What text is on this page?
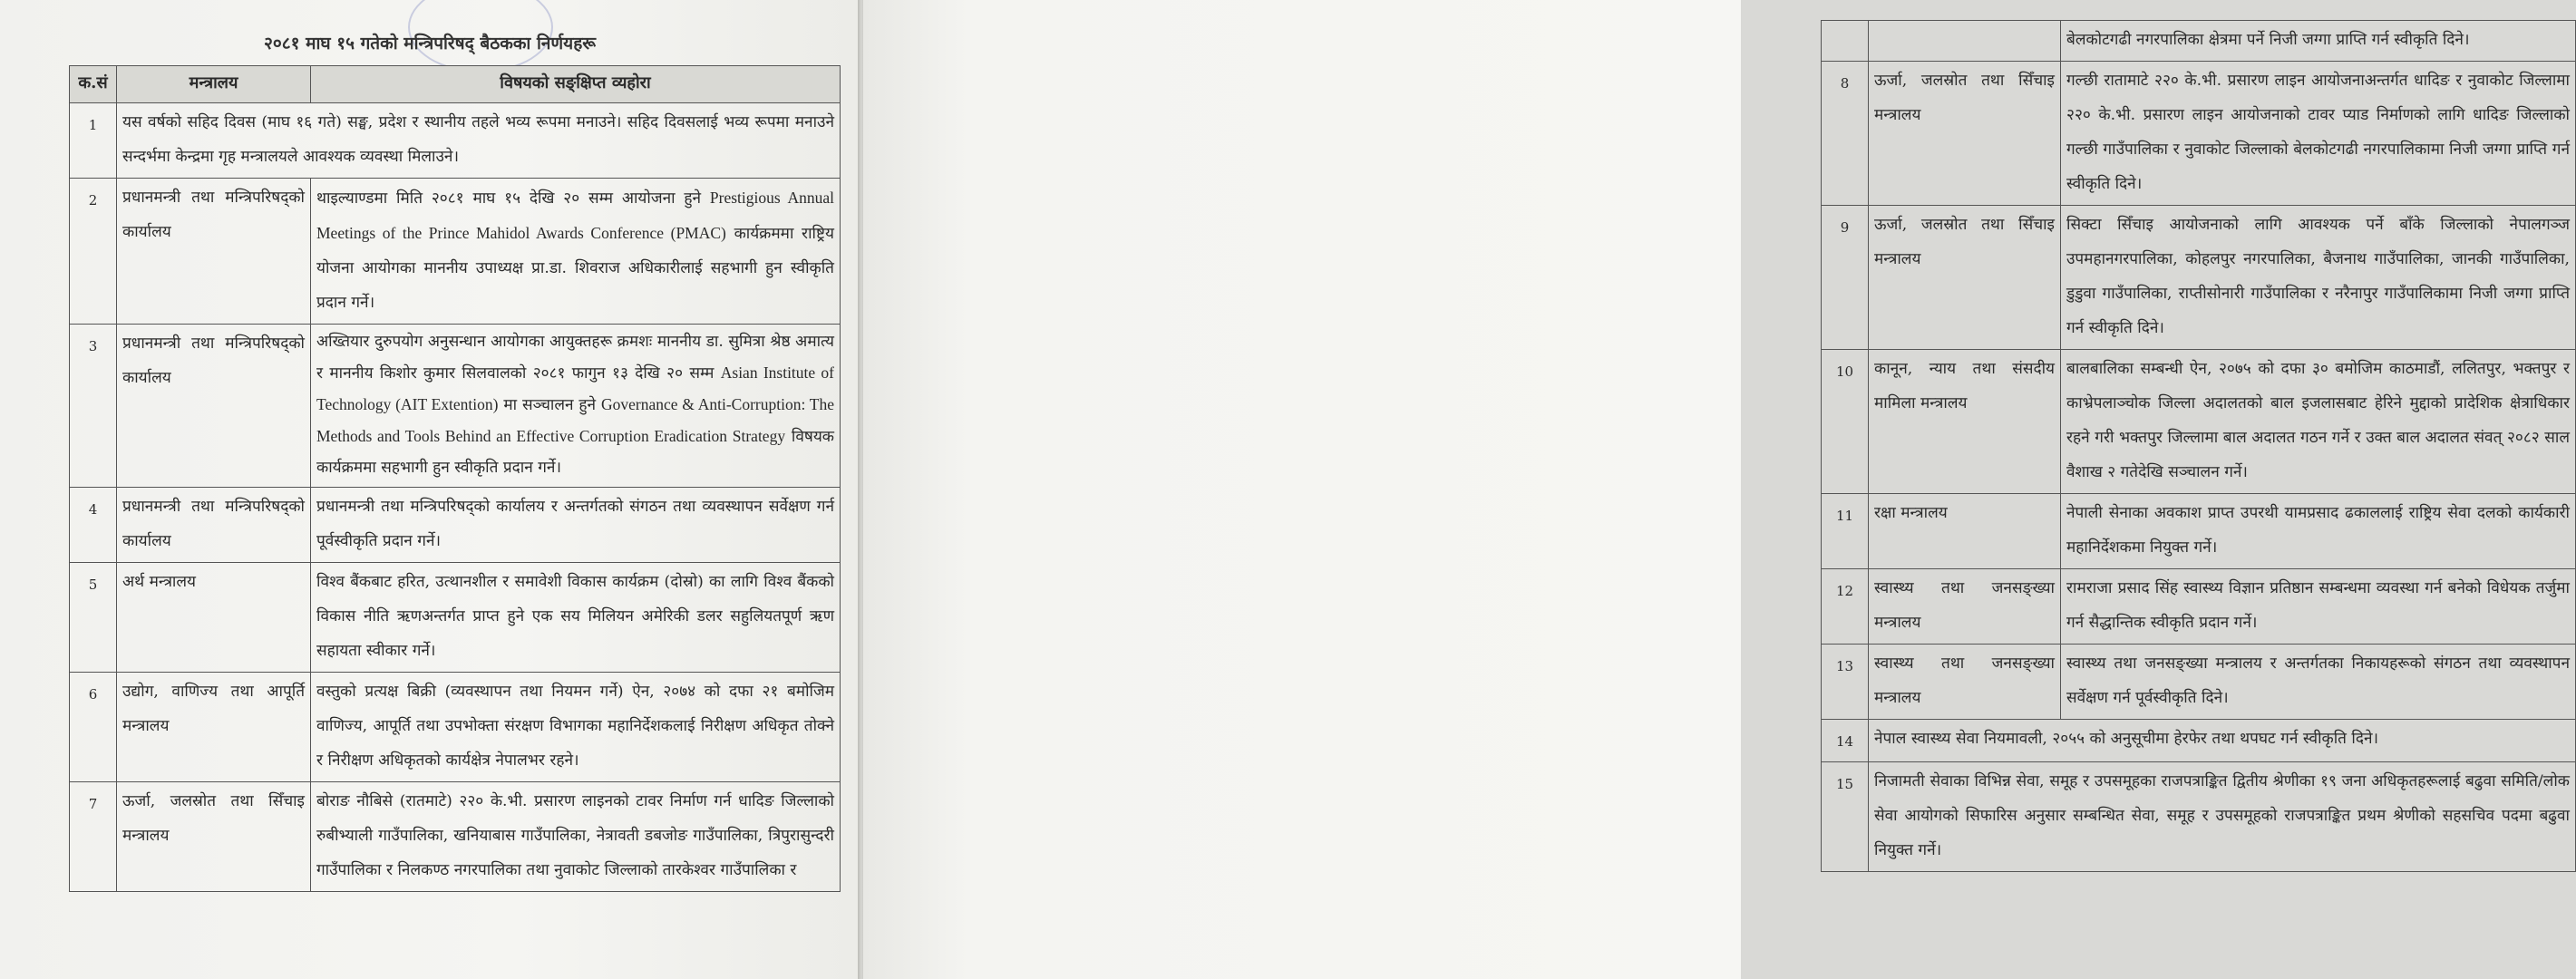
२०८१ माघ १५ गतेको मन्त्रिपरिषद् बैठकका निर्णयहरू
क.सं	मन्त्रालय	विषयको सङ्क्षिप्त व्यहोरा
1	यस वर्षको सहिद दिवस (माघ १६ गते) सङ्घ, प्रदेश र स्थानीय तहले भव्य रूपमा मनाउने। सहिद दिवसलाई भव्य रूपमा मनाउने सन्दर्भमा केन्द्रमा गृह मन्त्रालयले आवश्यक व्यवस्था मिलाउने।	
2	प्रधानमन्त्री तथा मन्त्रिपरिषद्को कार्यालय	थाइल्याण्डमा मिति २०८१ माघ १५ देखि २० सम्म आयोजना हुने Prestigious Annual Meetings of the Prince Mahidol Awards Conference (PMAC) कार्यक्रममा राष्ट्रिय योजना आयोगका माननीय उपाध्यक्ष प्रा.डा. शिवराज अधिकारीलाई सहभागी हुन स्वीकृति प्रदान गर्ने।
3	प्रधानमन्त्री तथा मन्त्रिपरिषद्को कार्यालय	अख्तियार दुरुपयोग अनुसन्धान आयोगका आयुक्तहरू क्रमशः माननीय डा. सुमित्रा श्रेष्ठ अमात्य र माननीय किशोर कुमार सिलवालको २०८१ फागुन १३ देखि २० सम्म Asian Institute of Technology (AIT Extention) मा सञ्चालन हुने Governance & Anti-Corruption: The Methods and Tools Behind an Effective Corruption Eradication Strategy विषयक कार्यक्रममा सहभागी हुन स्वीकृति प्रदान गर्ने।
4	प्रधानमन्त्री तथा मन्त्रिपरिषद्को कार्यालय	प्रधानमन्त्री तथा मन्त्रिपरिषद्को कार्यालय र अन्तर्गतको संगठन तथा व्यवस्थापन सर्वेक्षण गर्न पूर्वस्वीकृति प्रदान गर्ने।
5	अर्थ मन्त्रालय	विश्व बैंकबाट हरित, उत्थानशील र समावेशी विकास कार्यक्रम (दोस्रो) का लागि विश्व बैंकको विकास नीति ऋणअन्तर्गत प्राप्त हुने एक सय मिलियन अमेरिकी डलर सहुलियतपूर्ण ऋण सहायता स्वीकार गर्ने।
6	उद्योग, वाणिज्य तथा आपूर्ति मन्त्रालय	वस्तुको प्रत्यक्ष बिक्री (व्यवस्थापन तथा नियमन गर्ने) ऐन, २०७४ को दफा २१ बमोजिम वाणिज्य, आपूर्ति तथा उपभोक्ता संरक्षण विभागका महानिर्देशकलाई निरीक्षण अधिकृत तोक्ने र निरीक्षण अधिकृतको कार्यक्षेत्र नेपालभर रहने।
7	ऊर्जा, जलस्रोत तथा सिँचाइ मन्त्रालय	बोराङ नौबिसे (रातमाटे) २२० के.भी. प्रसारण लाइनको टावर निर्माण गर्न धादिङ जिल्लाको रुबीभ्याली गाउँपालिका, खनियाबास गाउँपालिका, नेत्रावती डबजोङ गाउँपालिका, त्रिपुरासुन्दरी गाउँपालिका र निलकण्ठ नगरपालिका तथा नुवाकोट जिल्लाको तारकेश्वर गाउँपालिका र
		बेलकोटगढी नगरपालिका क्षेत्रमा पर्ने निजी जग्गा प्राप्ति गर्न स्वीकृति दिने।
8	ऊर्जा, जलस्रोत तथा सिँचाइ मन्त्रालय	गल्छी रातामाटे २२० के.भी. प्रसारण लाइन आयोजनाअन्तर्गत धादिङ र नुवाकोट जिल्लामा २२० के.भी. प्रसारण लाइन आयोजनाको टावर प्याड निर्माणको लागि धादिङ जिल्लाको गल्छी गाउँपालिका र नुवाकोट जिल्लाको बेलकोटगढी नगरपालिकामा निजी जग्गा प्राप्ति गर्न स्वीकृति दिने।
9	ऊर्जा, जलस्रोत तथा सिँचाइ मन्त्रालय	सिक्टा सिँचाइ आयोजनाको लागि आवश्यक पर्ने बाँके जिल्लाको नेपालगञ्ज उपमहानगरपालिका, कोहलपुर नगरपालिका, बैजनाथ गाउँपालिका, जानकी गाउँपालिका, डुडुवा गाउँपालिका, राप्तीसोनारी गाउँपालिका र नरैनापुर गाउँपालिकामा निजी जग्गा प्राप्ति गर्न स्वीकृति दिने।
10	कानून, न्याय तथा संसदीय मामिला मन्त्रालय	बालबालिका सम्बन्धी ऐन, २०७५ को दफा ३० बमोजिम काठमाडौं, ललितपुर, भक्तपुर र काभ्रेपलाञ्चोक जिल्ला अदालतको बाल इजलासबाट हेरिने मुद्दाको प्रादेशिक क्षेत्राधिकार रहने गरी भक्तपुर जिल्लामा बाल अदालत गठन गर्ने र उक्त बाल अदालत संवत् २०८२ साल वैशाख २ गतेदेखि सञ्चालन गर्ने।
11	रक्षा मन्त्रालय	नेपाली सेनाका अवकाश प्राप्त उपरथी यामप्रसाद ढकाललाई राष्ट्रिय सेवा दलको कार्यकारी महानिर्देशकमा नियुक्त गर्ने।
12	स्वास्थ्य तथा जनसङ्ख्या मन्त्रालय	रामराजा प्रसाद सिंह स्वास्थ्य विज्ञान प्रतिष्ठान सम्बन्धमा व्यवस्था गर्न बनेको विधेयक तर्जुमा गर्न सैद्धान्तिक स्वीकृति प्रदान गर्ने।
13	स्वास्थ्य तथा जनसङ्ख्या मन्त्रालय	स्वास्थ्य तथा जनसङ्ख्या मन्त्रालय र अन्तर्गतका निकायहरूको संगठन तथा व्यवस्थापन सर्वेक्षण गर्न पूर्वस्वीकृति दिने।
14	नेपाल स्वास्थ्य सेवा नियमावली, २०५५ को अनुसूचीमा हेरफेर तथा थपघट गर्न स्वीकृति दिने।	
15	निजामती सेवाका विभिन्न सेवा, समूह र उपसमूहका राजपत्राङ्कित द्वितीय श्रेणीका १९ जना अधिकृतहरूलाई बढुवा समिति/लोक सेवा आयोगको सिफारिस अनुसार सम्बन्धित सेवा, समूह र उपसमूहको राजपत्राङ्कित प्रथम श्रेणीको सहसचिव पदमा बढुवा नियुक्त गर्ने।	
